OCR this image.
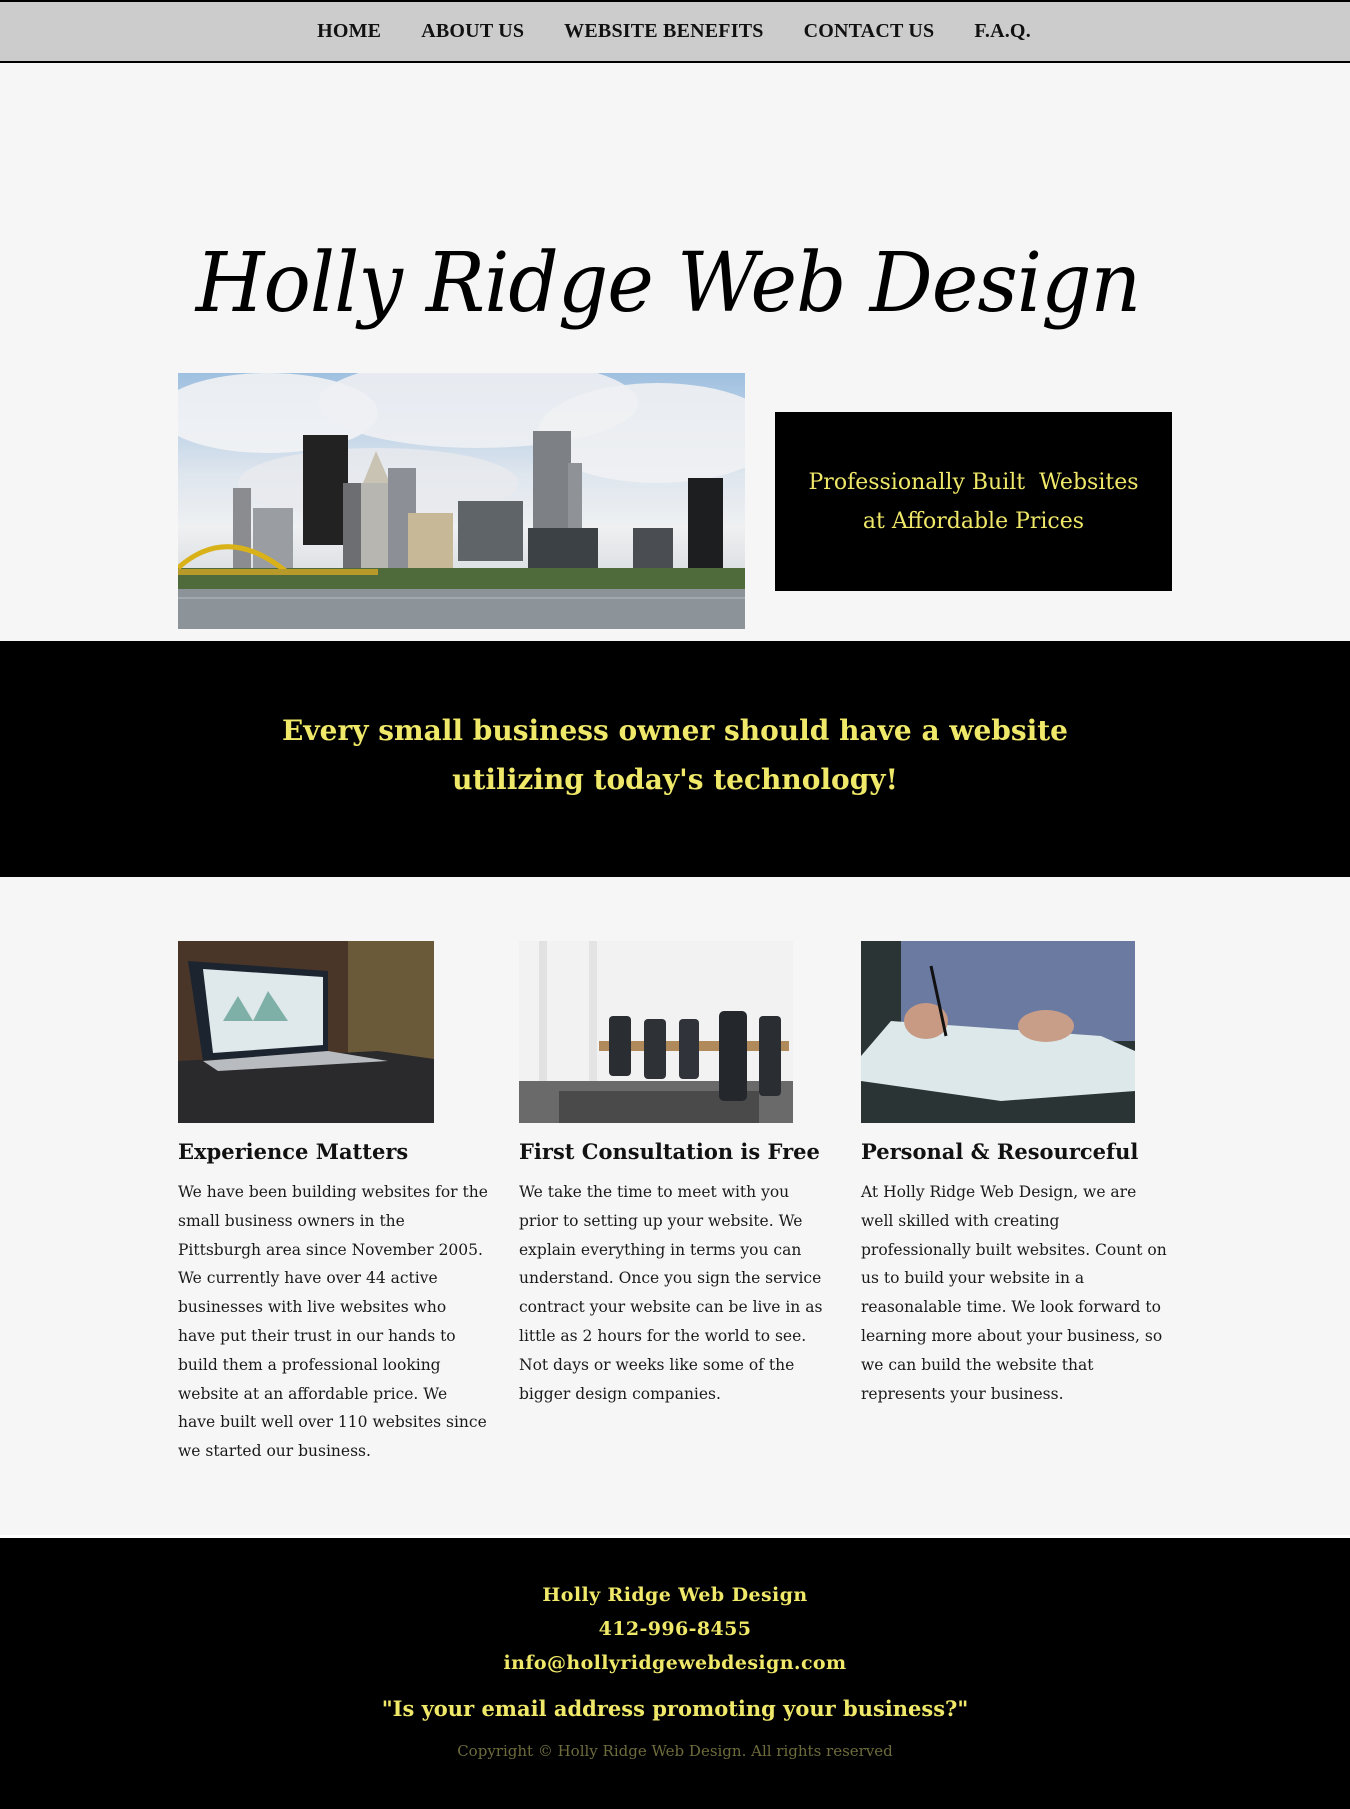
HOME	ABOUT US	WEBSITE BENEFITS	CONTACT US	F.A.Q.
Holly Ridge Web Design
Professionally Built  Websites
at Affordable Prices
Every small business owner should have a website utilizing today's technology!
Experience Matters

We have been building websites for the small business owners in the Pittsburgh area since November 2005. We currently have over 44 active businesses with live websites who have put their trust in our hands to build them a professional looking website at an affordable price. We have built well over 110 websites since we started our business.

First Consultation is Free

We take the time to meet with you prior to setting up your website. We explain everything in terms you can understand. Once you sign the service contract your website can be live in as little as 2 hours for the world to see. Not days or weeks like some of the bigger design companies.

Personal & Resourceful

At Holly Ridge Web Design, we are well skilled with creating professionally built websites. Count on us to build your website in a reasonalable time. We look forward to learning more about your business, so we can build the website that represents your business.

Holly Ridge Web Design
412-996-8455
info@hollyridgewebdesign.com
"Is your email address promoting your business?"
Copyright © Holly Ridge Web Design. All rights reserved
